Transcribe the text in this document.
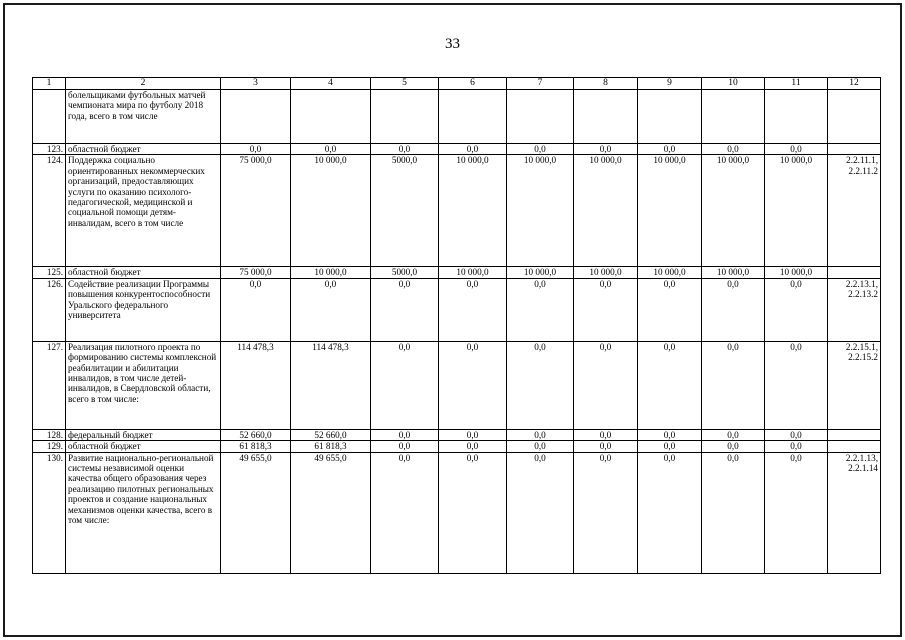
33
1	2	3	4	5	6	7	8	9	10	11	12
	болельщиками футбольных матчей чемпионата мира по футболу 2018 года, всего в том числе										
123.	областной бюджет	0,0	0,0	0,0	0,0	0,0	0,0	0,0	0,0	0,0	
124.	Поддержка социально ориентированных некоммерческих организаций, предоставляющих услуги по оказанию психолого-педагогической, медицинской и социальной помощи детям-инвалидам, всего в том числе	75 000,0	10 000,0	5000,0	10 000,0	10 000,0	10 000,0	10 000,0	10 000,0	10 000,0	2.2.11.1,
2.2.11.2
125.	областной бюджет	75 000,0	10 000,0	5000,0	10 000,0	10 000,0	10 000,0	10 000,0	10 000,0	10 000,0	
126.	Содействие реализации Программы повышения конкурентоспособности Уральского федерального университета	0,0	0,0	0,0	0,0	0,0	0,0	0,0	0,0	0,0	2.2.13.1,
2.2.13.2
127.	Реализация пилотного проекта по формированию системы комплексной реабилитации и абилитации инвалидов, в том числе детей-инвалидов, в Свердловской области, всего в том числе:	114 478,3	114 478,3	0,0	0,0	0,0	0,0	0,0	0,0	0,0	2.2.15.1,
2.2.15.2
128.	федеральный бюджет	52 660,0	52 660,0	0,0	0,0	0,0	0,0	0,0	0,0	0,0	
129.	областной бюджет	61 818,3	61 818,3	0,0	0,0	0,0	0,0	0,0	0,0	0,0	
130.	Развитие национально-региональной системы независимой оценки качества общего образования через реализацию пилотных региональных проектов и создание национальных механизмов оценки качества, всего в том числе:	49 655,0	49 655,0	0,0	0,0	0,0	0,0	0,0	0,0	0,0	2.2.1.13,
2.2.1.14
